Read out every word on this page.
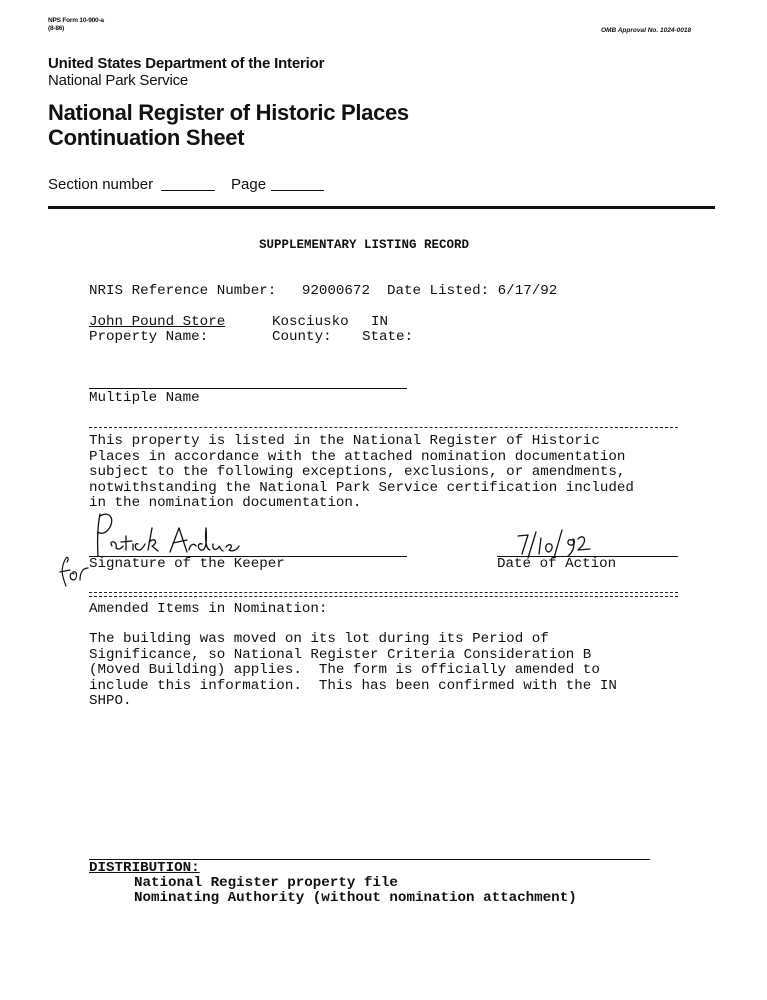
NPS Form 10-900-a
(8-86)	OMB Approval No. 1024-0018
United States Department of the Interior
National Park Service
National Register of Historic Places
Continuation Sheet
Section number	Page
SUPPLEMENTARY LISTING RECORD
NRIS Reference Number:   92000672  Date Listed: 6/17/92
John Pound Store	Kosciusko IN
Property Name:	County: State:
Multiple Name
This property is listed in the National Register of Historic
Places in accordance with the attached nomination documentation
subject to the following exceptions, exclusions, or amendments,
notwithstanding the National Park Service certification included
in the nomination documentation.
Signature of the Keeper	Date of Action
Amended Items in Nomination:
The building was moved on its lot during its Period of
Significance, so National Register Criteria Consideration B
(Moved Building) applies.  The form is officially amended to
include this information.  This has been confirmed with the IN
SHPO.
DISTRIBUTION:
National Register property file
Nominating Authority (without nomination attachment)
